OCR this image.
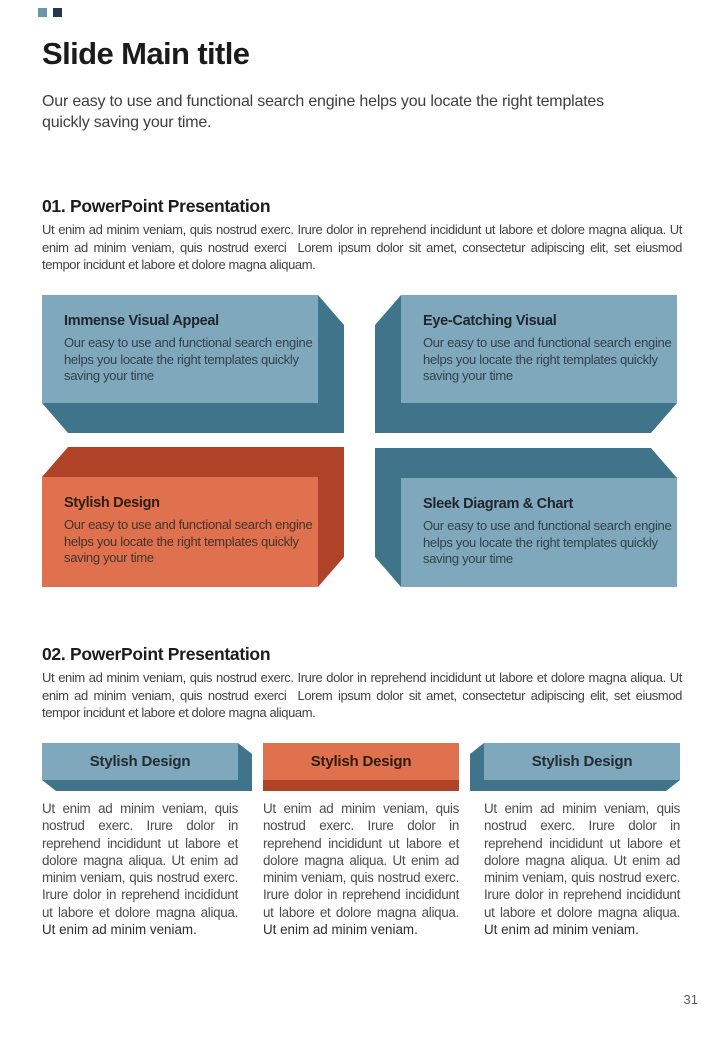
Slide Main title

Our easy to use and functional search engine helps you locate the right templates quickly saving your time.

01. PowerPoint Presentation

Ut enim ad minim veniam, quis nostrud exerc. Irure dolor in reprehend incididunt ut labore et dolore magna aliqua. Ut enim ad minim veniam, quis nostrud exerci  Lorem ipsum dolor sit amet, consectetur adipiscing elit, set eiusmod tempor incidunt et labore et dolore magna aliquam.

Immense Visual Appeal
Our easy to use and functional search engine helps you locate the right templates quickly saving your time
Eye-Catching Visual
Our easy to use and functional search engine helps you locate the right templates quickly saving your time
Stylish Design
Our easy to use and functional search engine helps you locate the right templates quickly saving your time
Sleek Diagram & Chart
Our easy to use and functional search engine helps you locate the right templates quickly saving your time
02. PowerPoint Presentation

Ut enim ad minim veniam, quis nostrud exerc. Irure dolor in reprehend incididunt ut labore et dolore magna aliqua. Ut enim ad minim veniam, quis nostrud exerci  Lorem ipsum dolor sit amet, consectetur adipiscing elit, set eiusmod tempor incidunt et labore et dolore magna aliquam.

Stylish Design	Stylish Design	Stylish Design
Ut enim ad minim veniam, quis nostrud exerc. Irure dolor in reprehend incididunt ut labore et dolore magna aliqua. Ut enim ad minim veniam, quis nostrud exerc. Irure dolor in reprehend incididunt ut labore et dolore magna aliqua. Ut enim ad minim veniam.
Ut enim ad minim veniam, quis nostrud exerc. Irure dolor in reprehend incididunt ut labore et dolore magna aliqua. Ut enim ad minim veniam, quis nostrud exerc. Irure dolor in reprehend incididunt ut labore et dolore magna aliqua. Ut enim ad minim veniam.
Ut enim ad minim veniam, quis nostrud exerc. Irure dolor in reprehend incididunt ut labore et dolore magna aliqua. Ut enim ad minim veniam, quis nostrud exerc. Irure dolor in reprehend incididunt ut labore et dolore magna aliqua. Ut enim ad minim veniam.
31
